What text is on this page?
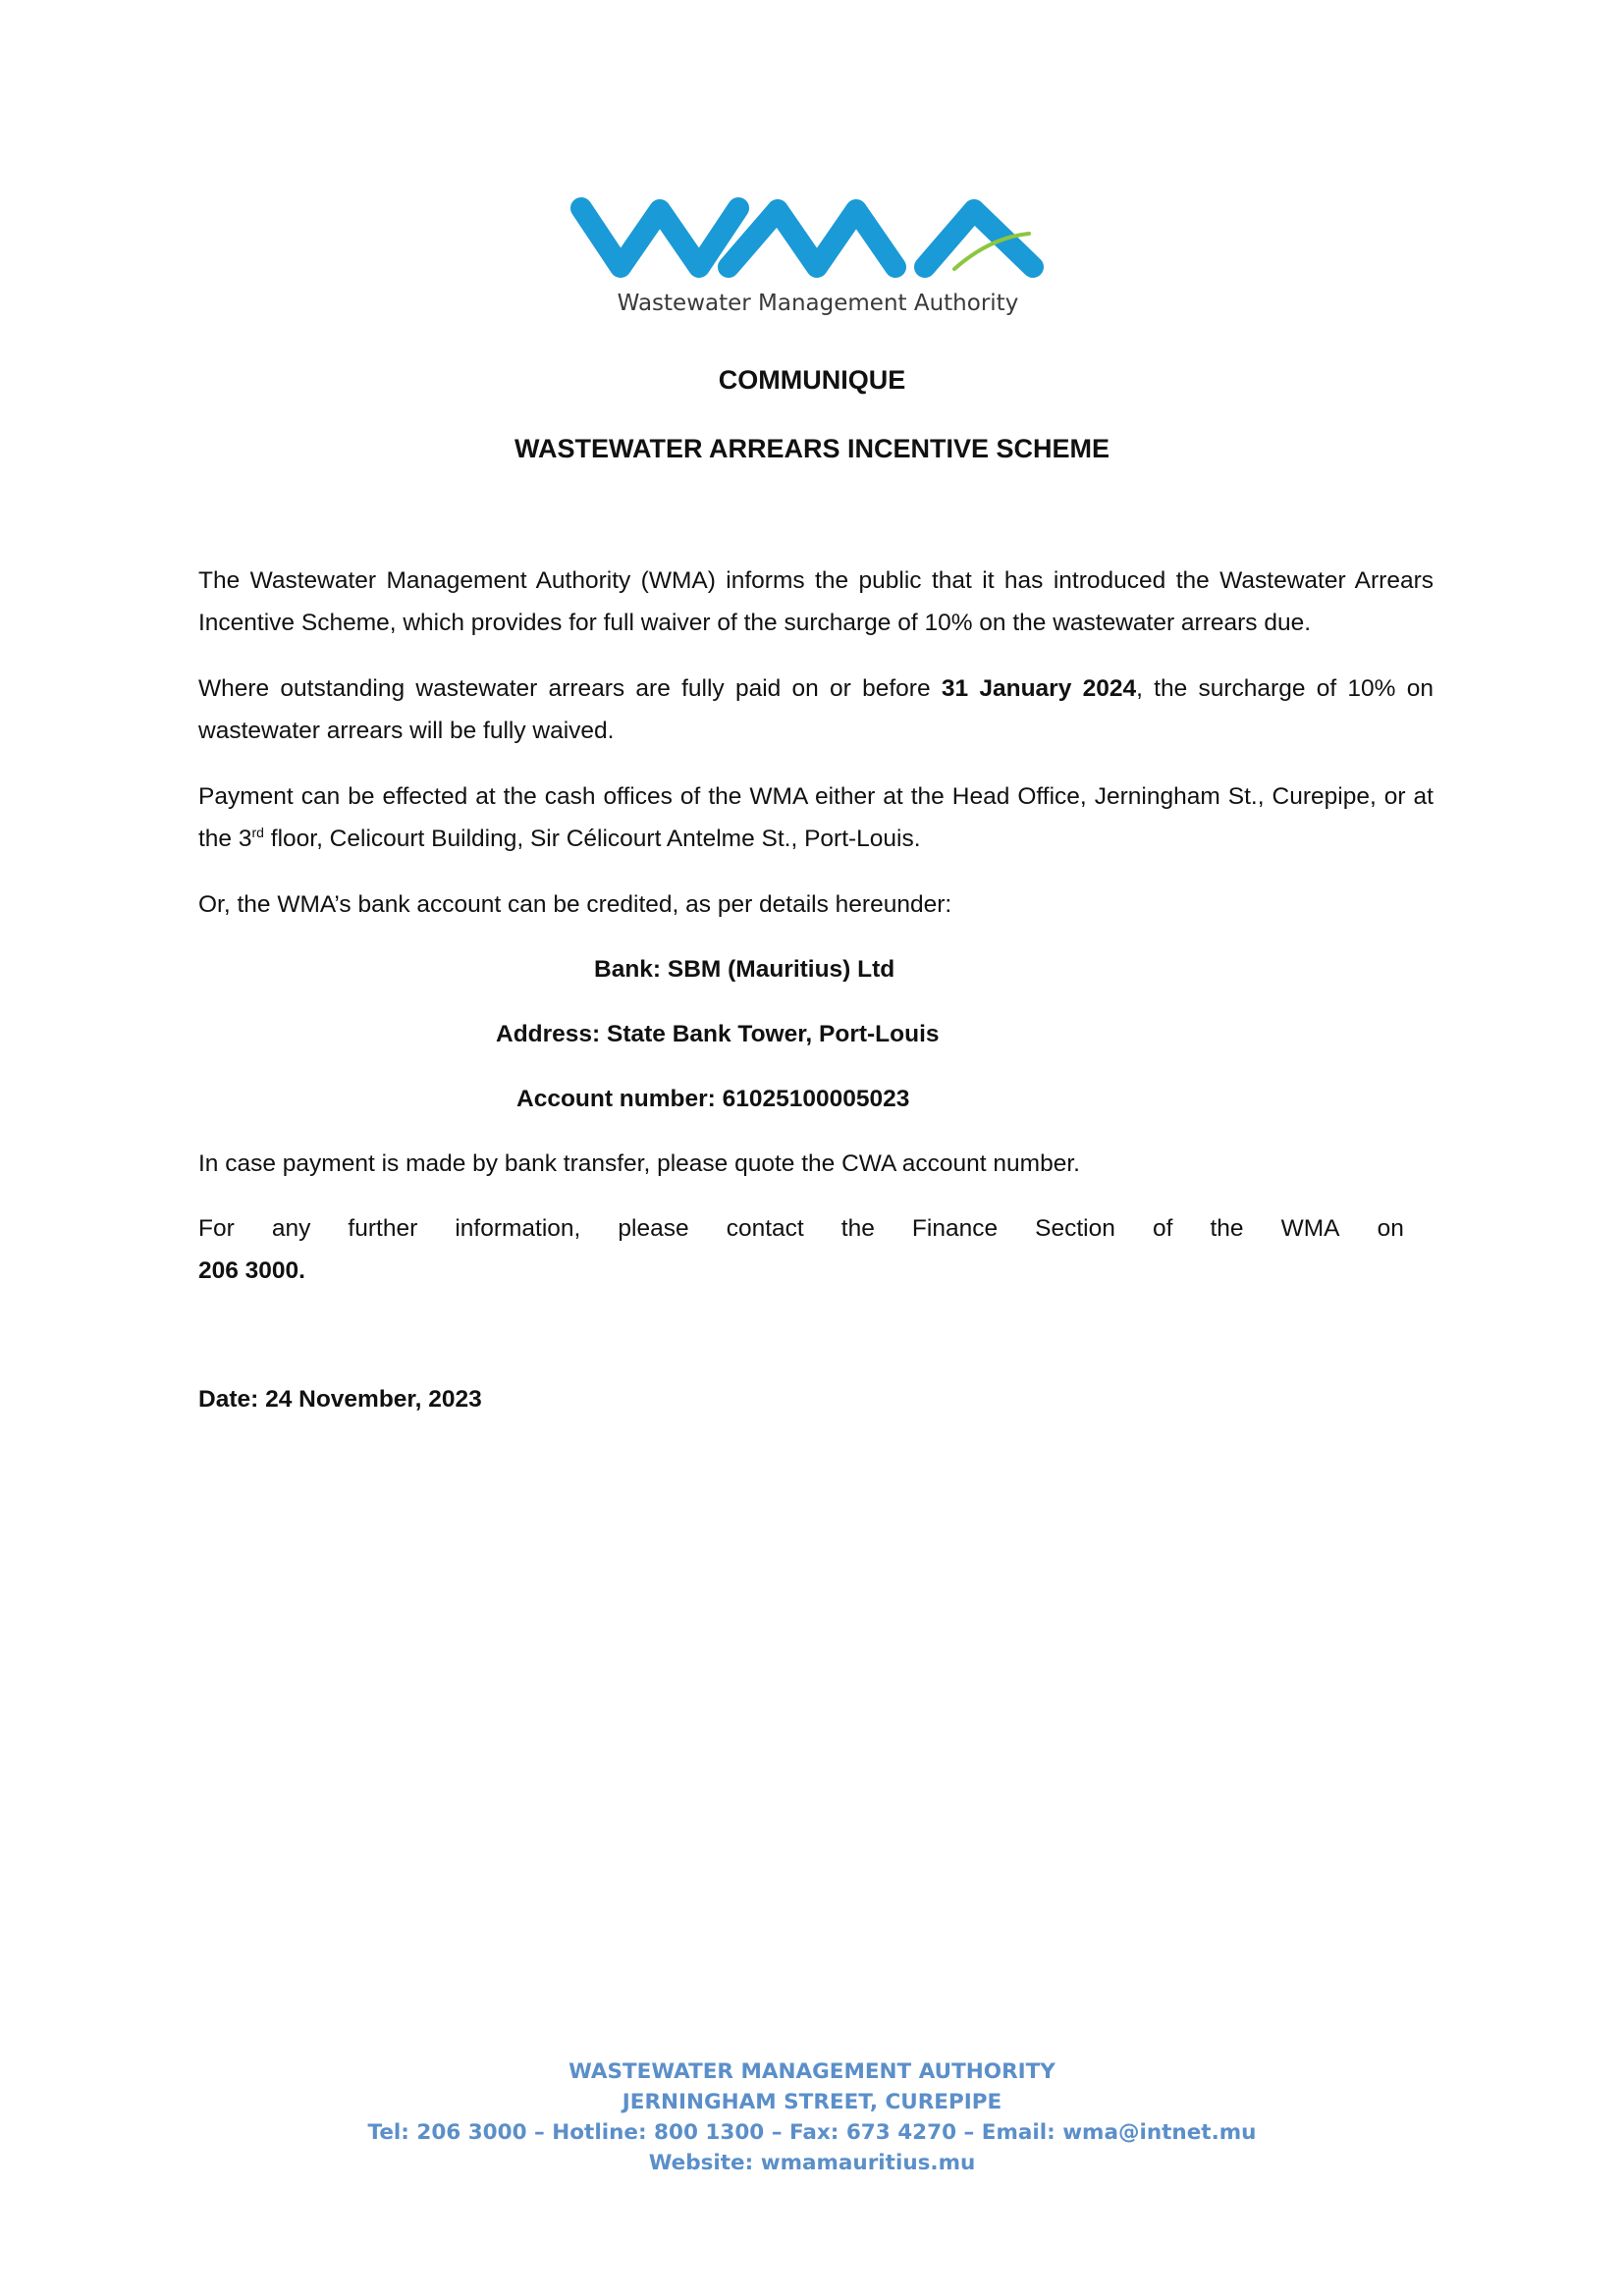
Wastewater Management Authority
COMMUNIQUE
WASTEWATER ARREARS INCENTIVE SCHEME
The Wastewater Management Authority (WMA) informs the public that it has introduced the Wastewater Arrears Incentive Scheme, which provides for full waiver of the surcharge of 10% on the wastewater arrears due.
Where outstanding wastewater arrears are fully paid on or before 31 January 2024, the surcharge of 10% on wastewater arrears will be fully waived.
Payment can be effected at the cash offices of the WMA either at the Head Office, Jerningham St., Curepipe, or at the 3rd floor, Celicourt Building, Sir Célicourt Antelme St., Port-Louis.
Or, the WMA’s bank account can be credited, as per details hereunder:
Bank: SBM (Mauritius) Ltd
Address: State Bank Tower, Port-Louis
Account number: 61025100005023
In case payment is made by bank transfer, please quote the CWA account number.
For any further information, please contact the Finance Section of the WMA on
206 3000.
Date: 24 November, 2023
WASTEWATER MANAGEMENT AUTHORITY
JERNINGHAM STREET, CUREPIPE
Tel: 206 3000 – Hotline: 800 1300 – Fax: 673 4270 – Email: wma@intnet.mu
Website: wmamauritius.mu
